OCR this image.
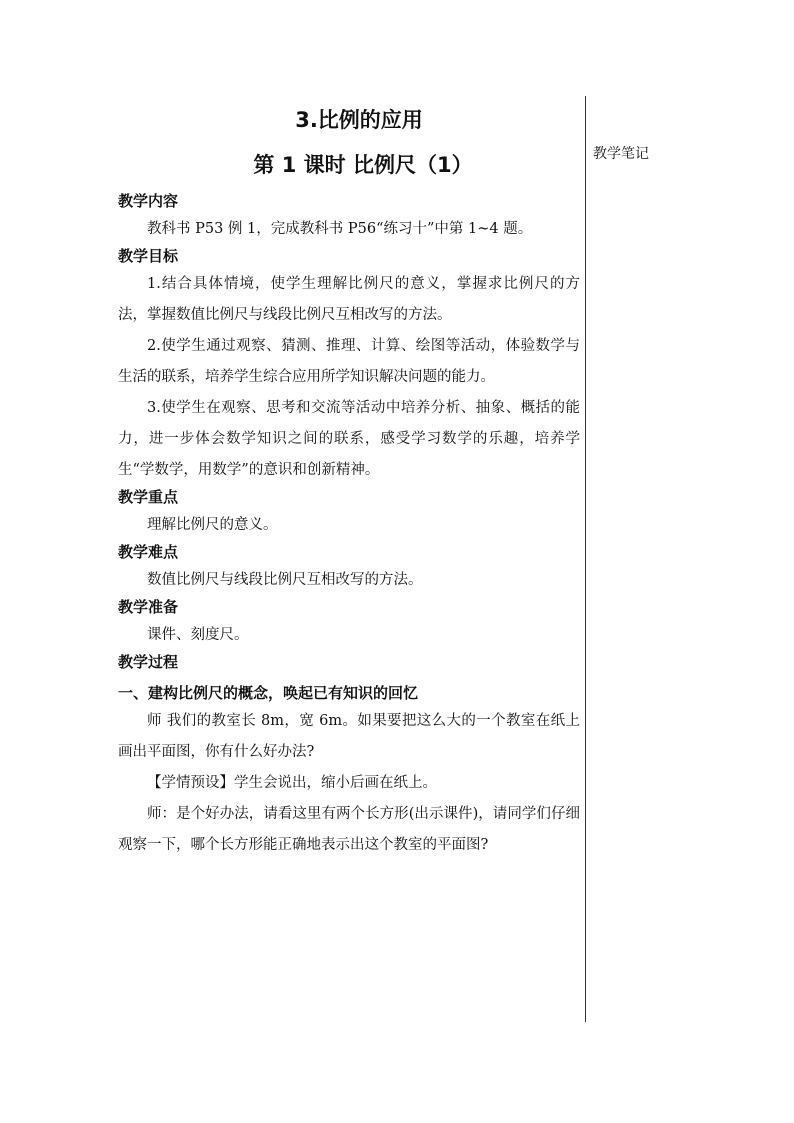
教学笔记
3.比例的应用
第 1 课时 比例尺（1）
教学内容

教科书 P53 例 1，完成教科书 P56“练习十”中第 1~4 题。

教学目标

1.结合具体情境，使学生理解比例尺的意义，掌握求比例尺的方法，掌握数值比例尺与线段比例尺互相改写的方法。

2.使学生通过观察、猜测、推理、计算、绘图等活动，体验数学与生活的联系，培养学生综合应用所学知识解决问题的能力。

3.使学生在观察、思考和交流等活动中培养分析、抽象、概括的能力，进一步体会数学知识之间的联系，感受学习数学的乐趣，培养学生“学数学，用数学”的意识和创新精神。

教学重点

理解比例尺的意义。

教学难点

数值比例尺与线段比例尺互相改写的方法。

教学准备

课件、刻度尺。

教学过程
一、建构比例尺的概念，唤起已有知识的回忆

师 我们的教室长 8m，宽 6m。如果要把这么大的一个教室在纸上画出平面图，你有什么好办法?

【学情预设】学生会说出，缩小后画在纸上。

师：是个好办法，请看这里有两个长方形(出示课件)，请同学们仔细观察一下，哪个长方形能正确地表示出这个教室的平面图?
